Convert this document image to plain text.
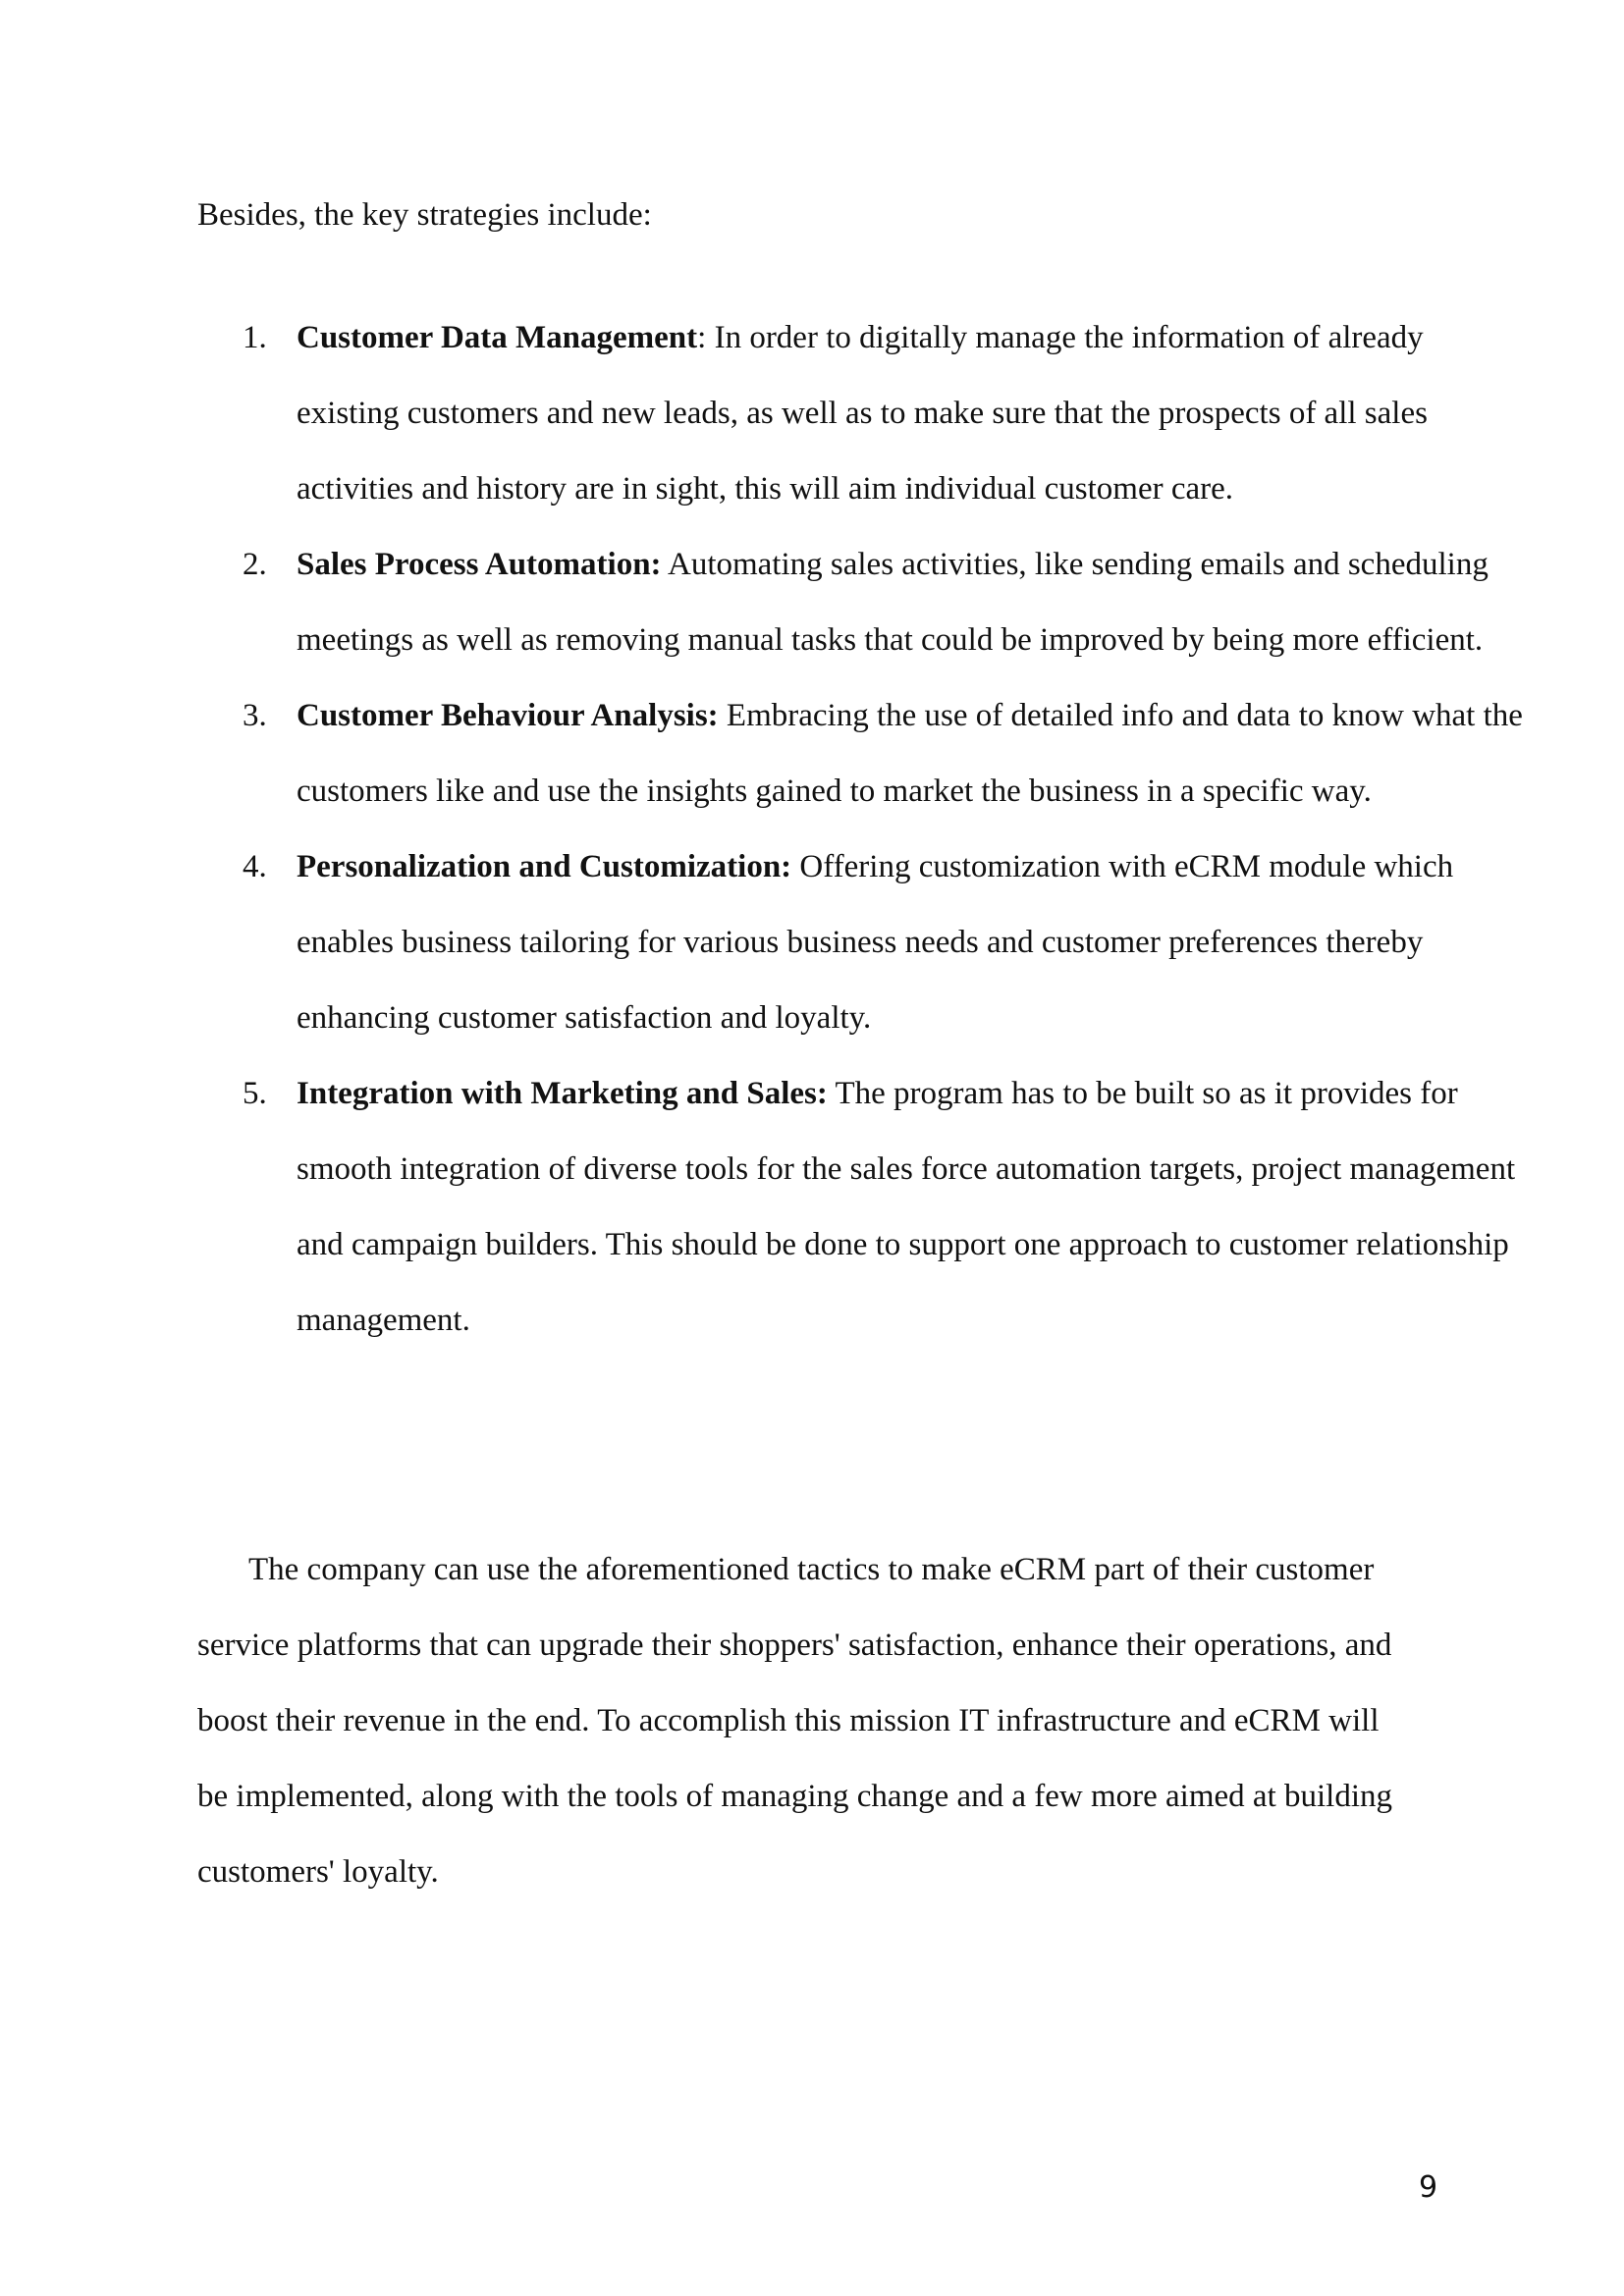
Besides, the key strategies include:

1. Customer Data Management: In order to digitally manage the information of already existing customers and new leads, as well as to make sure that the prospects of all sales activities and history are in sight, this will aim individual customer care.
2. Sales Process Automation: Automating sales activities, like sending emails and scheduling meetings as well as removing manual tasks that could be improved by being more efficient.
3. Customer Behaviour Analysis: Embracing the use of detailed info and data to know what the customers like and use the insights gained to market the business in a specific way.
4. Personalization and Customization: Offering customization with eCRM module which enables business tailoring for various business needs and customer preferences thereby enhancing customer satisfaction and loyalty.
5. Integration with Marketing and Sales: The program has to be built so as it provides for smooth integration of diverse tools for the sales force automation targets, project management and campaign builders. This should be done to support one approach to customer relationship management.

The company can use the aforementioned tactics to make eCRM part of their customer
service platforms that can upgrade their shoppers' satisfaction, enhance their operations, and
boost their revenue in the end. To accomplish this mission IT infrastructure and eCRM will
be implemented, along with the tools of managing change and a few more aimed at building
customers' loyalty.

9
